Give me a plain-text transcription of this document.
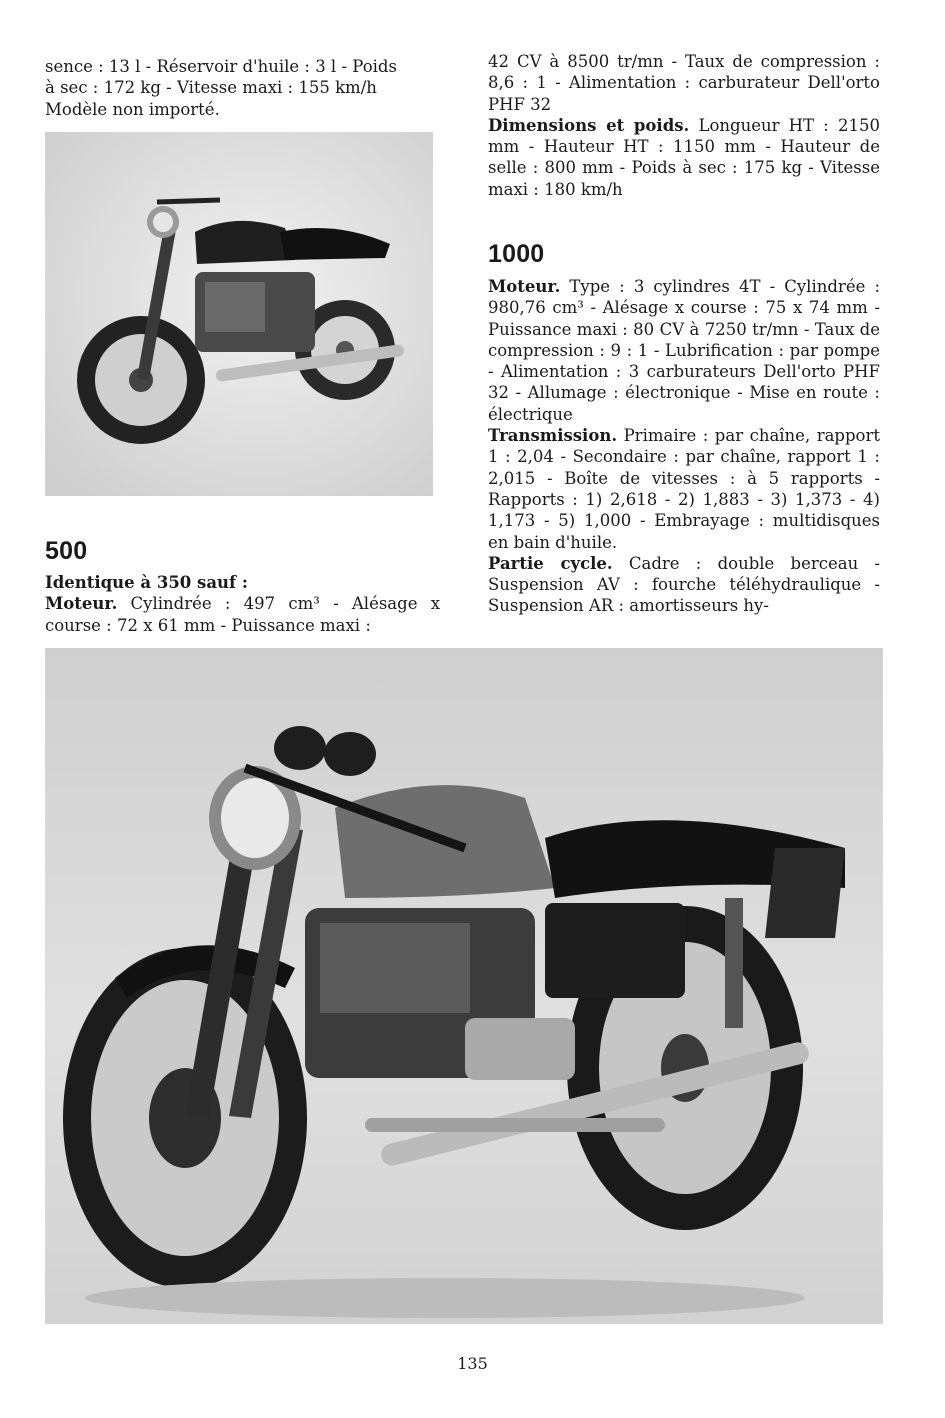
sence : 13 l - Réservoir d'huile : 3 l - Poids

à sec : 172 kg - Vitesse maxi : 155 km/h

Modèle non importé.

500

Identique à 350 sauf :

Moteur. Cylindrée : 497 cm³ - Alésage x course : 72 x 61 mm - Puissance maxi :

42 CV à 8500 tr/mn - Taux de compression : 8,6 : 1 - Alimentation : carburateur Dell'orto PHF 32

Dimensions et poids. Longueur HT : 2150 mm - Hauteur HT : 1150 mm - Hauteur de selle : 800 mm - Poids à sec : 175 kg - Vitesse maxi : 180 km/h

1000

Moteur. Type : 3 cylindres 4T - Cylindrée : 980,76 cm³ - Alésage x course : 75 x 74 mm - Puissance maxi : 80 CV à 7250 tr/mn - Taux de compression : 9 : 1 - Lubrification : par pompe - Alimentation : 3 carburateurs Dell'orto PHF 32 - Allumage : électronique - Mise en route : électrique

Transmission. Primaire : par chaîne, rapport 1 : 2,04 - Secondaire : par chaîne, rapport 1 : 2,015 - Boîte de vitesses : à 5 rapports - Rapports : 1) 2,618 - 2) 1,883 - 3) 1,373 - 4) 1,173 - 5) 1,000 - Embrayage : multidisques en bain d'huile.

Partie cycle. Cadre : double berceau - Suspension AV : fourche téléhydraulique - Suspension AR : amortisseurs hy-

135
